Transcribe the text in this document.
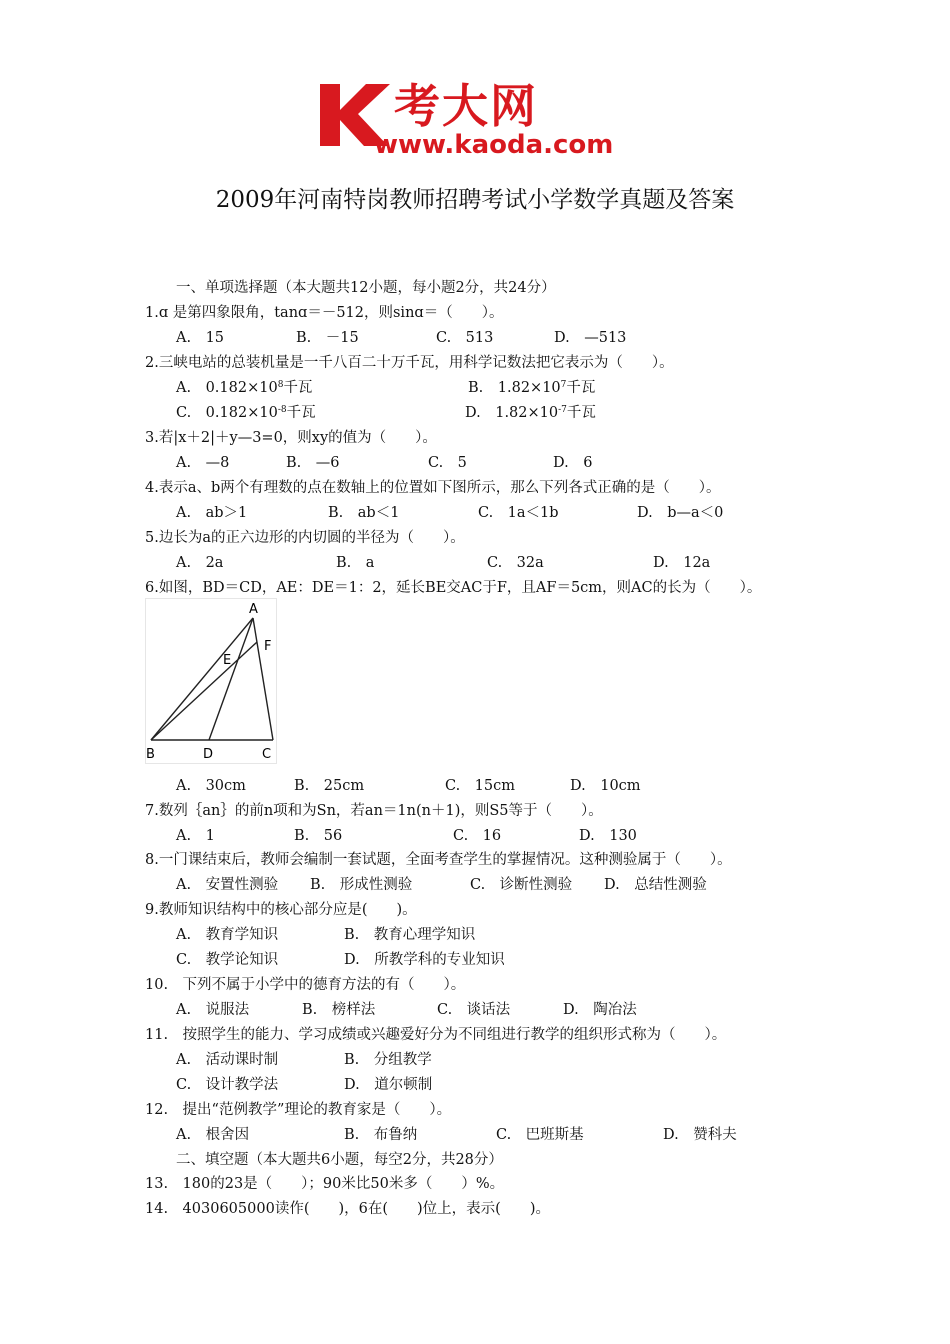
考大网
www.kaoda.com
2009年河南特岗教师招聘考试小学数学真题及答案
一、单项选择题（本大题共12小题，每小题2分，共24分）
1.ɑ 是第四象限角，tanɑ＝－512，则sinɑ＝（　　）。
A.　15	B.　－15	C.　513	D.　—513
2.三峡电站的总装机量是一千八百二十万千瓦，用科学记数法把它表示为（　　）。
A.　$0.182\times 10^8$千瓦	B.　$1.82\times 10^7$千瓦
C.　$0.182\times 10^{-8}$千瓦	D.　$1.82\times 10^{-7}$千瓦
3.若|x＋2|＋y—3=0，则xy的值为（　　）。
A.　—8	B.　—6	C.　5	D.　6
4.表示a、b两个有理数的点在数轴上的位置如下图所示，那么下列各式正确的是（　　）。
A.　ab＞1	B.　ab＜1	C.　1a＜1b	D.　b—a＜0
5.边长为a的正六边形的内切圆的半径为（　　）。
A.　2a	B.　a	C.　32a	D.　12a
6.如图，BD＝CD，AE：DE＝1：2，延长BE交AC于F，且AF＝5cm，则AC的长为（　　）。
A
F
E
B	D	C
A.　30cm	B.　25cm	C.　15cm	D.　10cm
7.数列｛an｝的前n项和为Sn，若an＝1n(n＋1)，则S5等于（　　）。
A.　1	B.　56	C.　16	D.　130
8.一门课结束后，教师会编制一套试题，全面考查学生的掌握情况。这种测验属于（　　）。
A.　安置性测验 B.　形成性测验	C.　诊断性测验 D.　总结性测验
9.教师知识结构中的核心部分应是(　　)。
A.　教育学知识	B.　教育心理学知识
C.　教学论知识	D.　所教学科的专业知识
10.　下列不属于小学中的德育方法的有（　　）。
A.　说服法	B.　榜样法	C.　谈话法	D.　陶冶法
11.　按照学生的能力、学习成绩或兴趣爱好分为不同组进行教学的组织形式称为（　　）。
A.　活动课时制	B.　分组教学
C.　设计教学法	D.　道尔顿制
12.　提出“范例教学”理论的教育家是（　　）。
A.　根舍因	B.　布鲁纳	C.　巴班斯基	D.　赞科夫
二、填空题（本大题共6小题，每空2分，共28分）
13.　180的23是（　　）；90米比50米多（　　）%。
14.　4030605000读作(　　)，6在(　　)位上，表示(　　)。
